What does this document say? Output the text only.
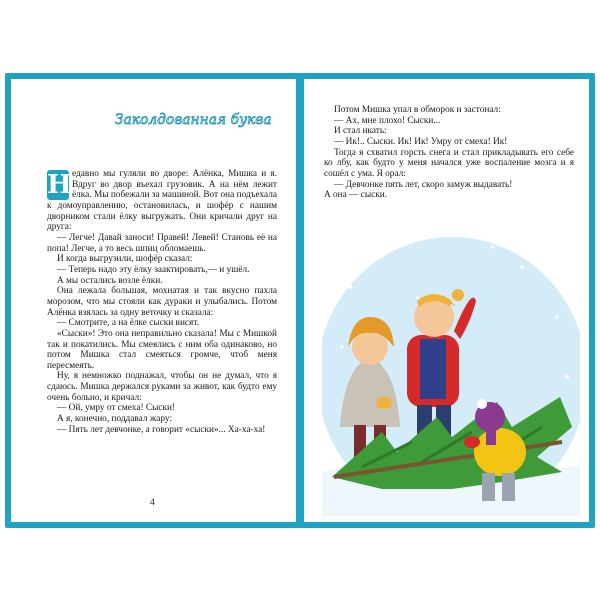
Заколдованная буква

Н едавно мы гуляли во дворе: Алёнка, Мишка и я. Вдруг во двор въехал грузовик. А на нём лежит ёлка. Мы побежали за машиной. Вот она подъехала к домоуправлению, остановилась, и шофёр с нашим дворником стали ёлку выгружать. Они кричали друг на друга:

— Легче! Давай заноси! Правей! Левей! Становь её на попа! Легче, а то весь шпиц обломаешь.

И когда выгрузили, шофёр сказал:

— Теперь надо эту ёлку заактировать,— и ушёл.

А мы остались возле ёлки.

Она лежала большая, мохнатая и так вкусно пахла морозом, что мы стояли как дураки и улыбались. Потом Алёнка взялась за одну веточку и сказала:

— Смотрите, а на ёлке сыски висят.

«Сыски»! Это она неправильно сказала! Мы с Мишкой так и покатились. Мы смеялись с ним оба одинаково, но потом Мишка стал смеяться громче, чтоб меня пересмеять.

Ну, я немножко поднажал, чтобы он не думал, что я сдаюсь. Мишка держался руками за живот, как будто ему очень больно, и кричал:

— Ой, умру от смеха! Сыски!

А я, конечно, поддавал жару:

— Пять лет девчонке, а говорит «сыски»... Ха-ха-ха!

4

Потом Мишка упал в обморок и застонал:

— Ах, мне плохо! Сыски...

И стал икать:

— Ик!.. Сыски. Ик! Ик! Умру от смеха! Ик!

Тогда я схватил горсть снега и стал прикладывать его себе ко лбу, как будто у меня начался уже воспаление мозга и я сошёл с ума. Я орал:

— Девчонке пять лет, скоро замуж выдавать!

А она — сыски.
